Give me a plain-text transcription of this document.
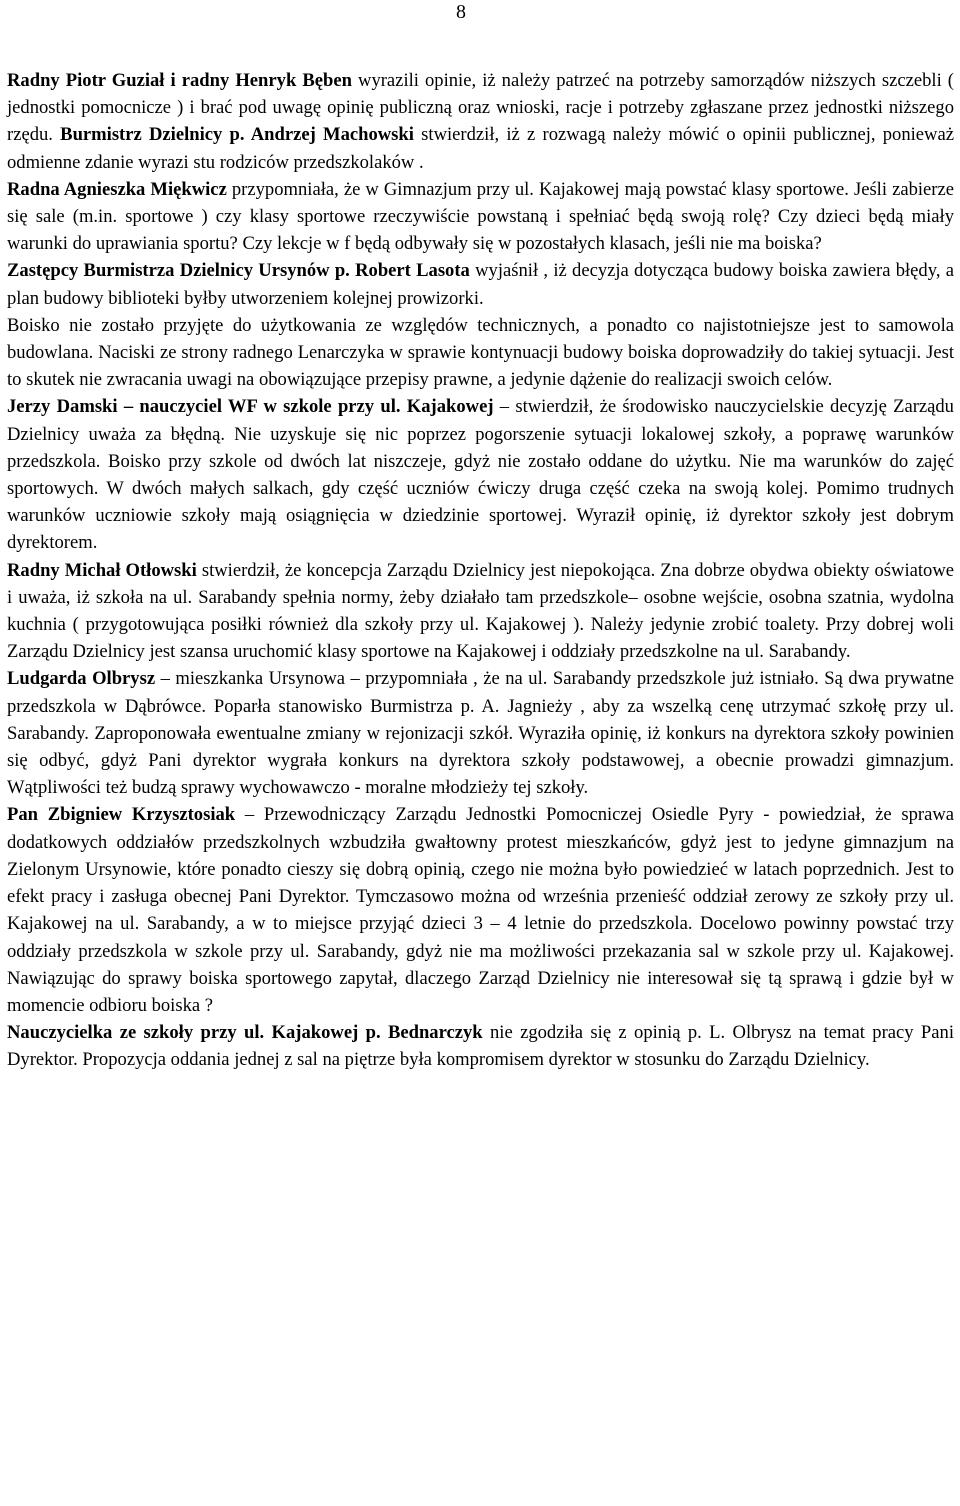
8

Radny Piotr Guział i radny Henryk Bęben wyrazili opinie, iż należy patrzeć na potrzeby samorządów niższych szczebli ( jednostki pomocnicze ) i brać pod uwagę opinię publiczną oraz wnioski, racje i potrzeby zgłaszane przez jednostki niższego rzędu. Burmistrz Dzielnicy p. Andrzej Machowski stwierdził, iż z rozwagą należy mówić o opinii publicznej, ponieważ odmienne zdanie wyrazi stu rodziców przedszkolaków .

Radna Agnieszka Miękwicz przypomniała, że w Gimnazjum przy ul. Kajakowej mają powstać klasy sportowe. Jeśli zabierze się sale (m.in. sportowe ) czy klasy sportowe rzeczywiście powstaną i spełniać będą swoją rolę? Czy dzieci będą miały warunki do uprawiania sportu? Czy lekcje w f będą odbywały się w pozostałych klasach, jeśli nie ma boiska?

Zastępcy Burmistrza Dzielnicy Ursynów p. Robert Lasota wyjaśnił , iż decyzja dotycząca budowy boiska zawiera błędy, a plan budowy biblioteki byłby utworzeniem kolejnej prowizorki.

Boisko nie zostało przyjęte do użytkowania ze względów technicznych, a ponadto co najistotniejsze jest to samowola budowlana. Naciski ze strony radnego Lenarczyka w sprawie kontynuacji budowy boiska doprowadziły do takiej sytuacji. Jest to skutek nie zwracania uwagi na obowiązujące przepisy prawne, a jedynie dążenie do realizacji swoich celów.

Jerzy Damski – nauczyciel WF w szkole przy ul. Kajakowej – stwierdził, że środowisko nauczycielskie decyzję Zarządu Dzielnicy uważa za błędną. Nie uzyskuje się nic poprzez pogorszenie sytuacji lokalowej szkoły, a poprawę warunków przedszkola. Boisko przy szkole od dwóch lat niszczeje, gdyż nie zostało oddane do użytku. Nie ma warunków do zajęć sportowych. W dwóch małych salkach, gdy część uczniów ćwiczy druga część czeka na swoją kolej. Pomimo trudnych warunków uczniowie szkoły mają osiągnięcia w dziedzinie sportowej. Wyraził opinię, iż dyrektor szkoły jest dobrym dyrektorem.

Radny Michał Otłowski stwierdził, że koncepcja Zarządu Dzielnicy jest niepokojąca. Zna dobrze obydwa obiekty oświatowe i uważa, iż szkoła na ul. Sarabandy spełnia normy, żeby działało tam przedszkole– osobne wejście, osobna szatnia, wydolna kuchnia ( przygotowująca posiłki również dla szkoły przy ul. Kajakowej ). Należy jedynie zrobić toalety. Przy dobrej woli Zarządu Dzielnicy jest szansa uruchomić klasy sportowe na Kajakowej i oddziały przedszkolne na ul. Sarabandy.

Ludgarda Olbrysz – mieszkanka Ursynowa – przypomniała , że na ul. Sarabandy przedszkole już istniało. Są dwa prywatne przedszkola w Dąbrówce. Poparła stanowisko Burmistrza p. A. Jagnieży , aby za wszelką cenę utrzymać szkołę przy ul. Sarabandy. Zaproponowała ewentualne zmiany w rejonizacji szkół. Wyraziła opinię, iż konkurs na dyrektora szkoły powinien się odbyć, gdyż Pani dyrektor wygrała konkurs na dyrektora szkoły podstawowej, a obecnie prowadzi gimnazjum. Wątpliwości też budzą sprawy wychowawczo - moralne młodzieży tej szkoły.

Pan Zbigniew Krzysztosiak – Przewodniczący Zarządu Jednostki Pomocniczej Osiedle Pyry - powiedział, że sprawa dodatkowych oddziałów przedszkolnych wzbudziła gwałtowny protest mieszkańców, gdyż jest to jedyne gimnazjum na Zielonym Ursynowie, które ponadto cieszy się dobrą opinią, czego nie można było powiedzieć w latach poprzednich. Jest to efekt pracy i zasługa obecnej Pani Dyrektor. Tymczasowo można od września przenieść oddział zerowy ze szkoły przy ul. Kajakowej na ul. Sarabandy, a w to miejsce przyjąć dzieci 3 – 4 letnie do przedszkola. Docelowo powinny powstać trzy oddziały przedszkola w szkole przy ul. Sarabandy, gdyż nie ma możliwości przekazania sal w szkole przy ul. Kajakowej. Nawiązując do sprawy boiska sportowego zapytał, dlaczego Zarząd Dzielnicy nie interesował się tą sprawą i gdzie był w momencie odbioru boiska ?

Nauczycielka ze szkoły przy ul. Kajakowej p. Bednarczyk nie zgodziła się z opinią p. L. Olbrysz na temat pracy Pani Dyrektor. Propozycja oddania jednej z sal na piętrze była kompromisem dyrektor w stosunku do Zarządu Dzielnicy.
